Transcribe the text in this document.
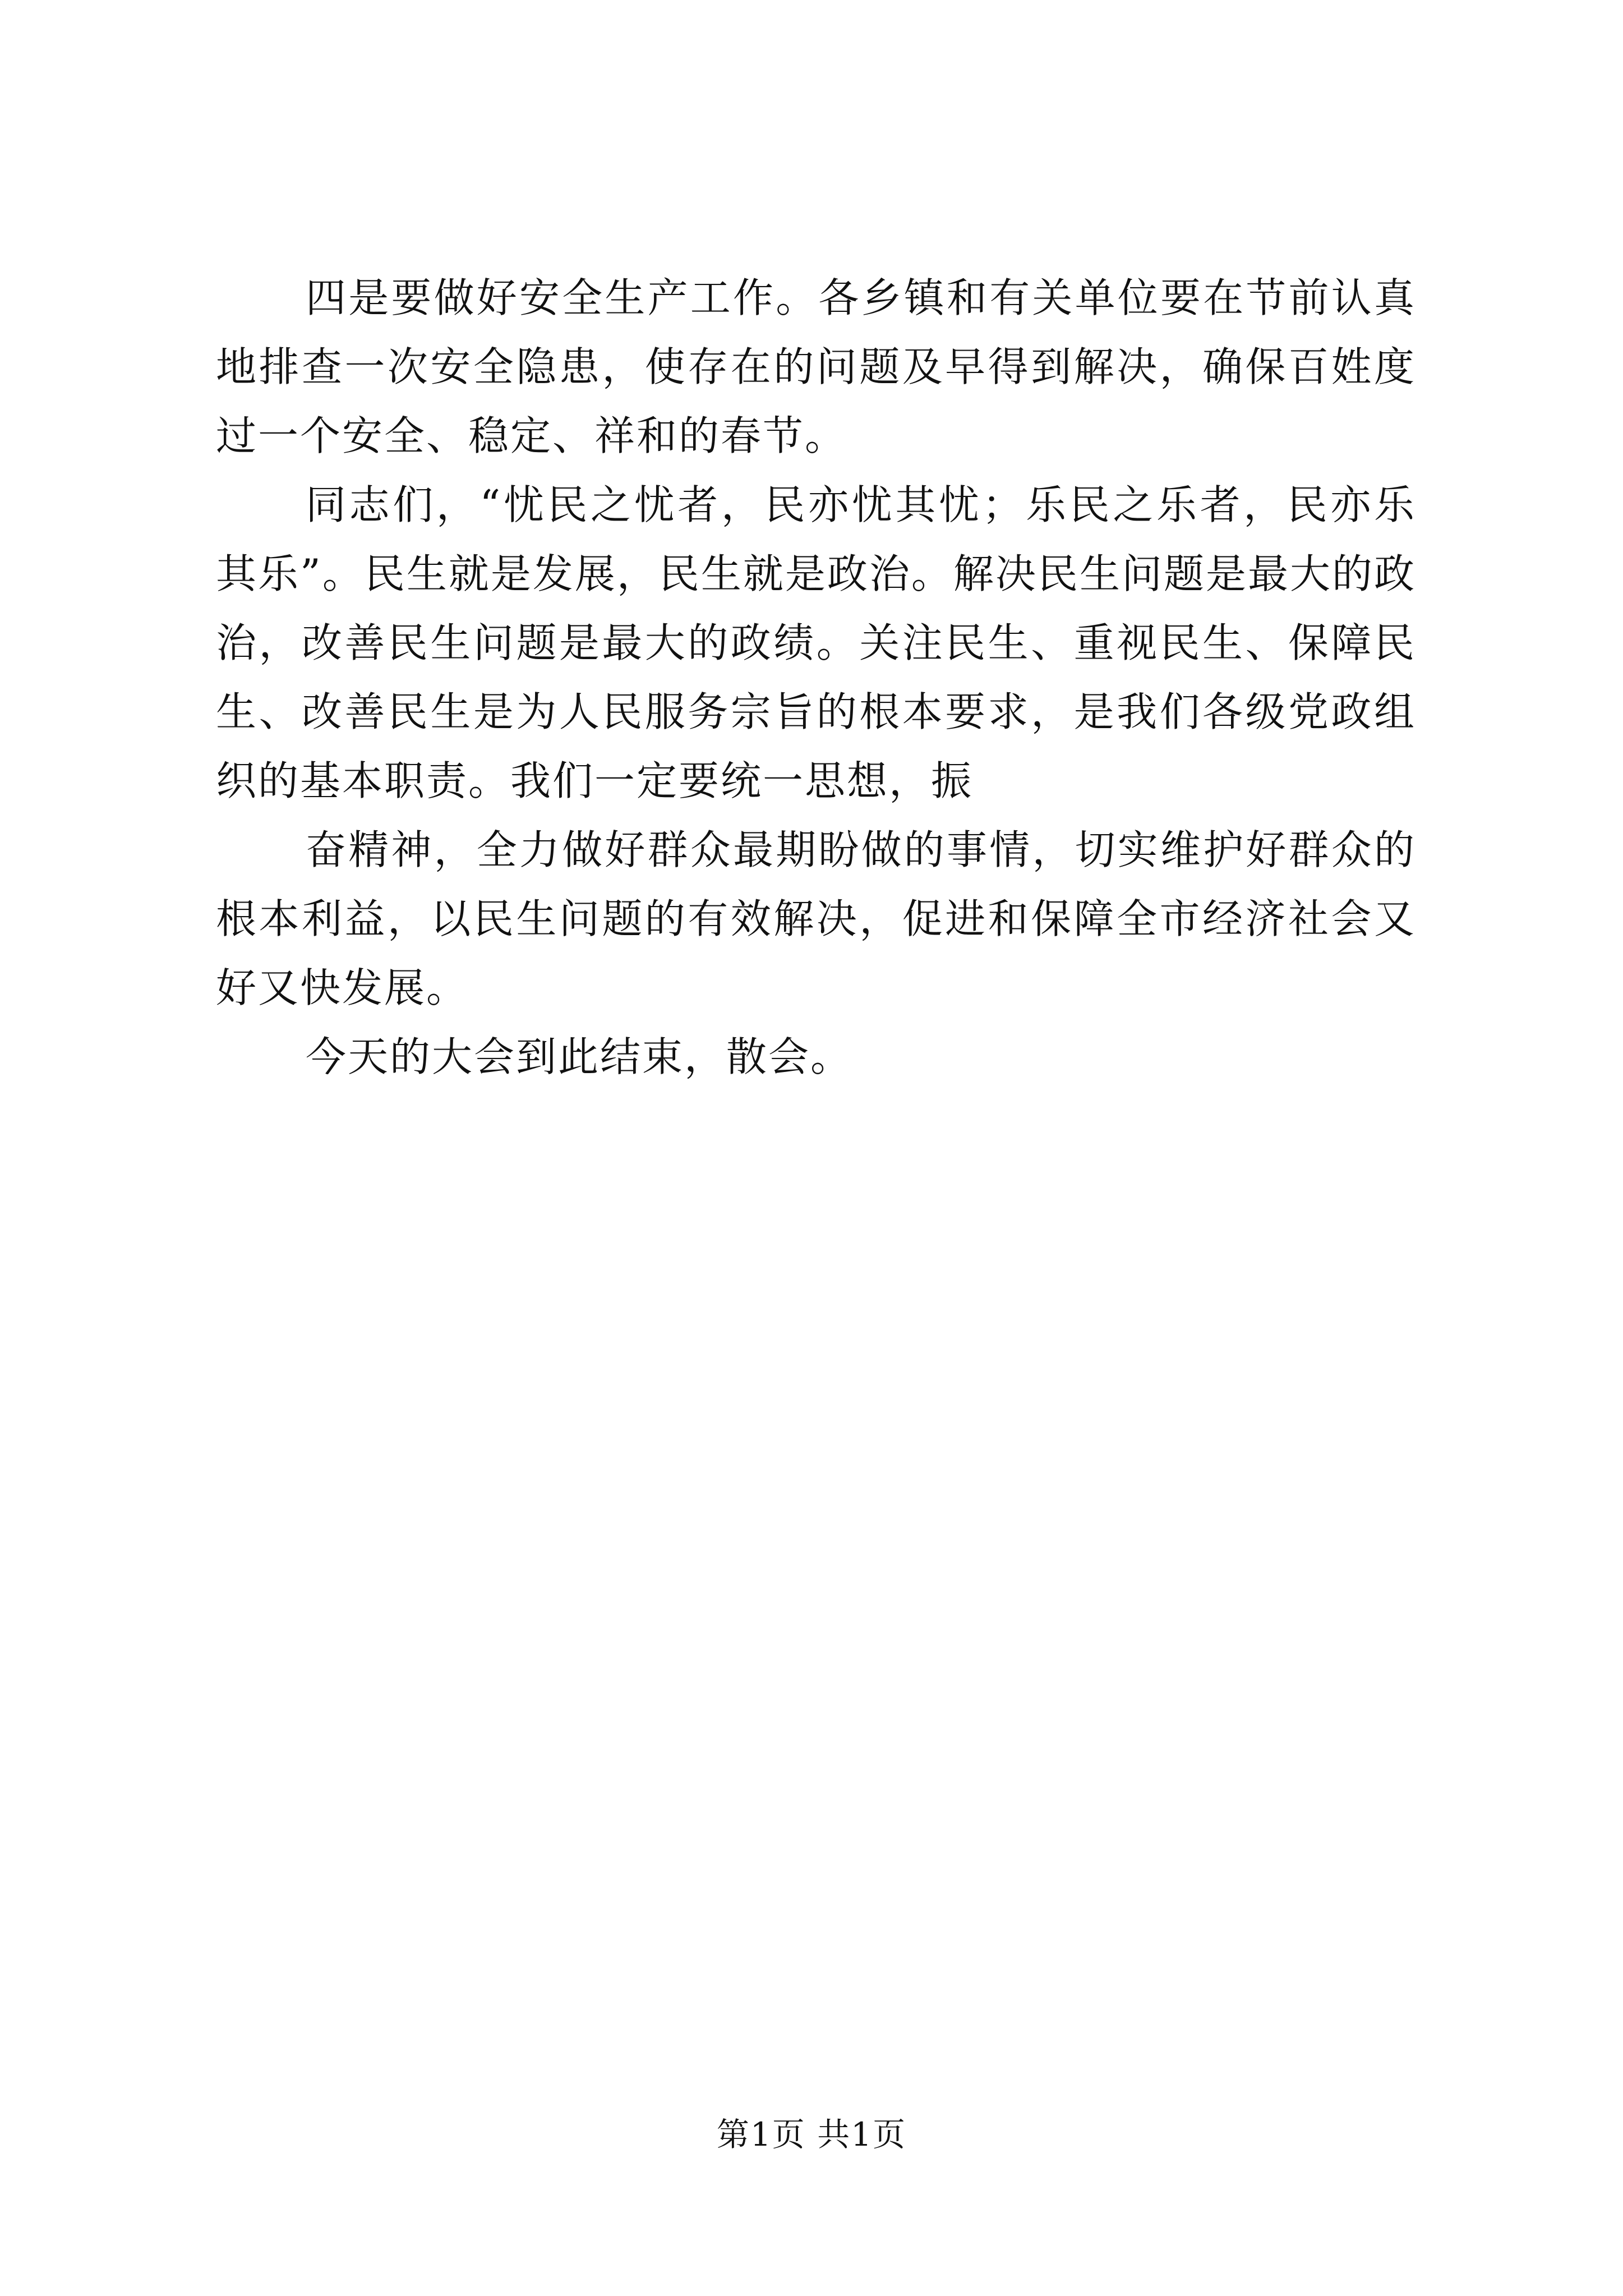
四是要做好安全生产工作。各乡镇和有关单位要在节前认真地排查一次安全隐患，使存在的问题及早得到解决，确保百姓度过一个安全、稳定、祥和的春节。

同志们，“忧民之忧者，民亦忧其忧；乐民之乐者，民亦乐其乐”。民生就是发展，民生就是政治。解决民生问题是最大的政治，改善民生问题是最大的政绩。关注民生、重视民生、保障民生、改善民生是为人民服务宗旨的根本要求，是我们各级党政组织的基本职责。我们一定要统一思想，振

奋精神，全力做好群众最期盼做的事情，切实维护好群众的根本利益，以民生问题的有效解决，促进和保障全市经济社会又好又快发展。

今天的大会到此结束，散会。

第1页 共1页
